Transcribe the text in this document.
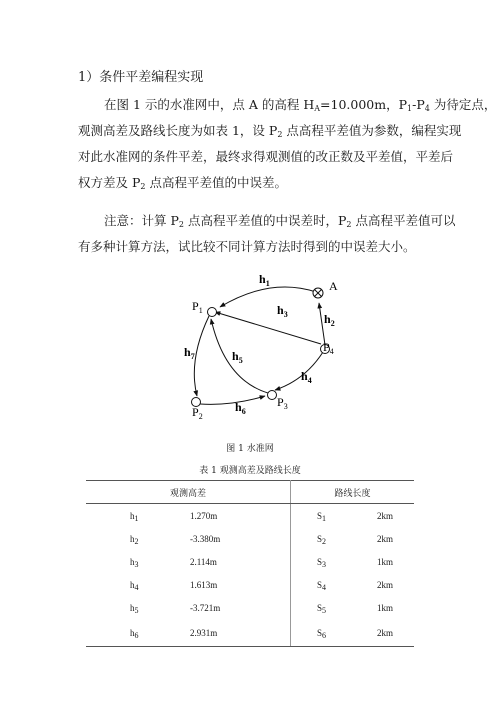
1）条件平差编程实现
在图 1 示的水准网中，点 A 的高程 $H_A=10.000m$，$P_1-P_4$ 为待定点，
观测高差及路线长度为如表 1，设 $P_2$ 点高程平差值为参数，编程实现
对此水准网的条件平差，最终求得观测值的改正数及平差值，平差后
权方差及 $P_2$ 点高程平差值的中误差。
注意：计算 $P_2$ 点高程平差值的中误差时，$P_2$ 点高程平差值可以
有多种计算方法，试比较不同计算方法时得到的中误差大小。
A
$P_1$
$P_2$
$P_3$
$P_4$
$h_1$
$h_2$
$h_3$
$h_4$
$h_5$
$h_6$
$h_7$
图 1 水准网
表 1 观测高差及路线长度
观测高差		路线长度	
$h_1$	1.270m	$S_1$	2km
$h_2$	-3.380m	$S_2$	2km
$h_3$	2.114m	$S_3$	1km
$h_4$	1.613m	$S_4$	2km
$h_5$	-3.721m	$S_5$	1km
$h_6$	2.931m	$S_6$	2km
